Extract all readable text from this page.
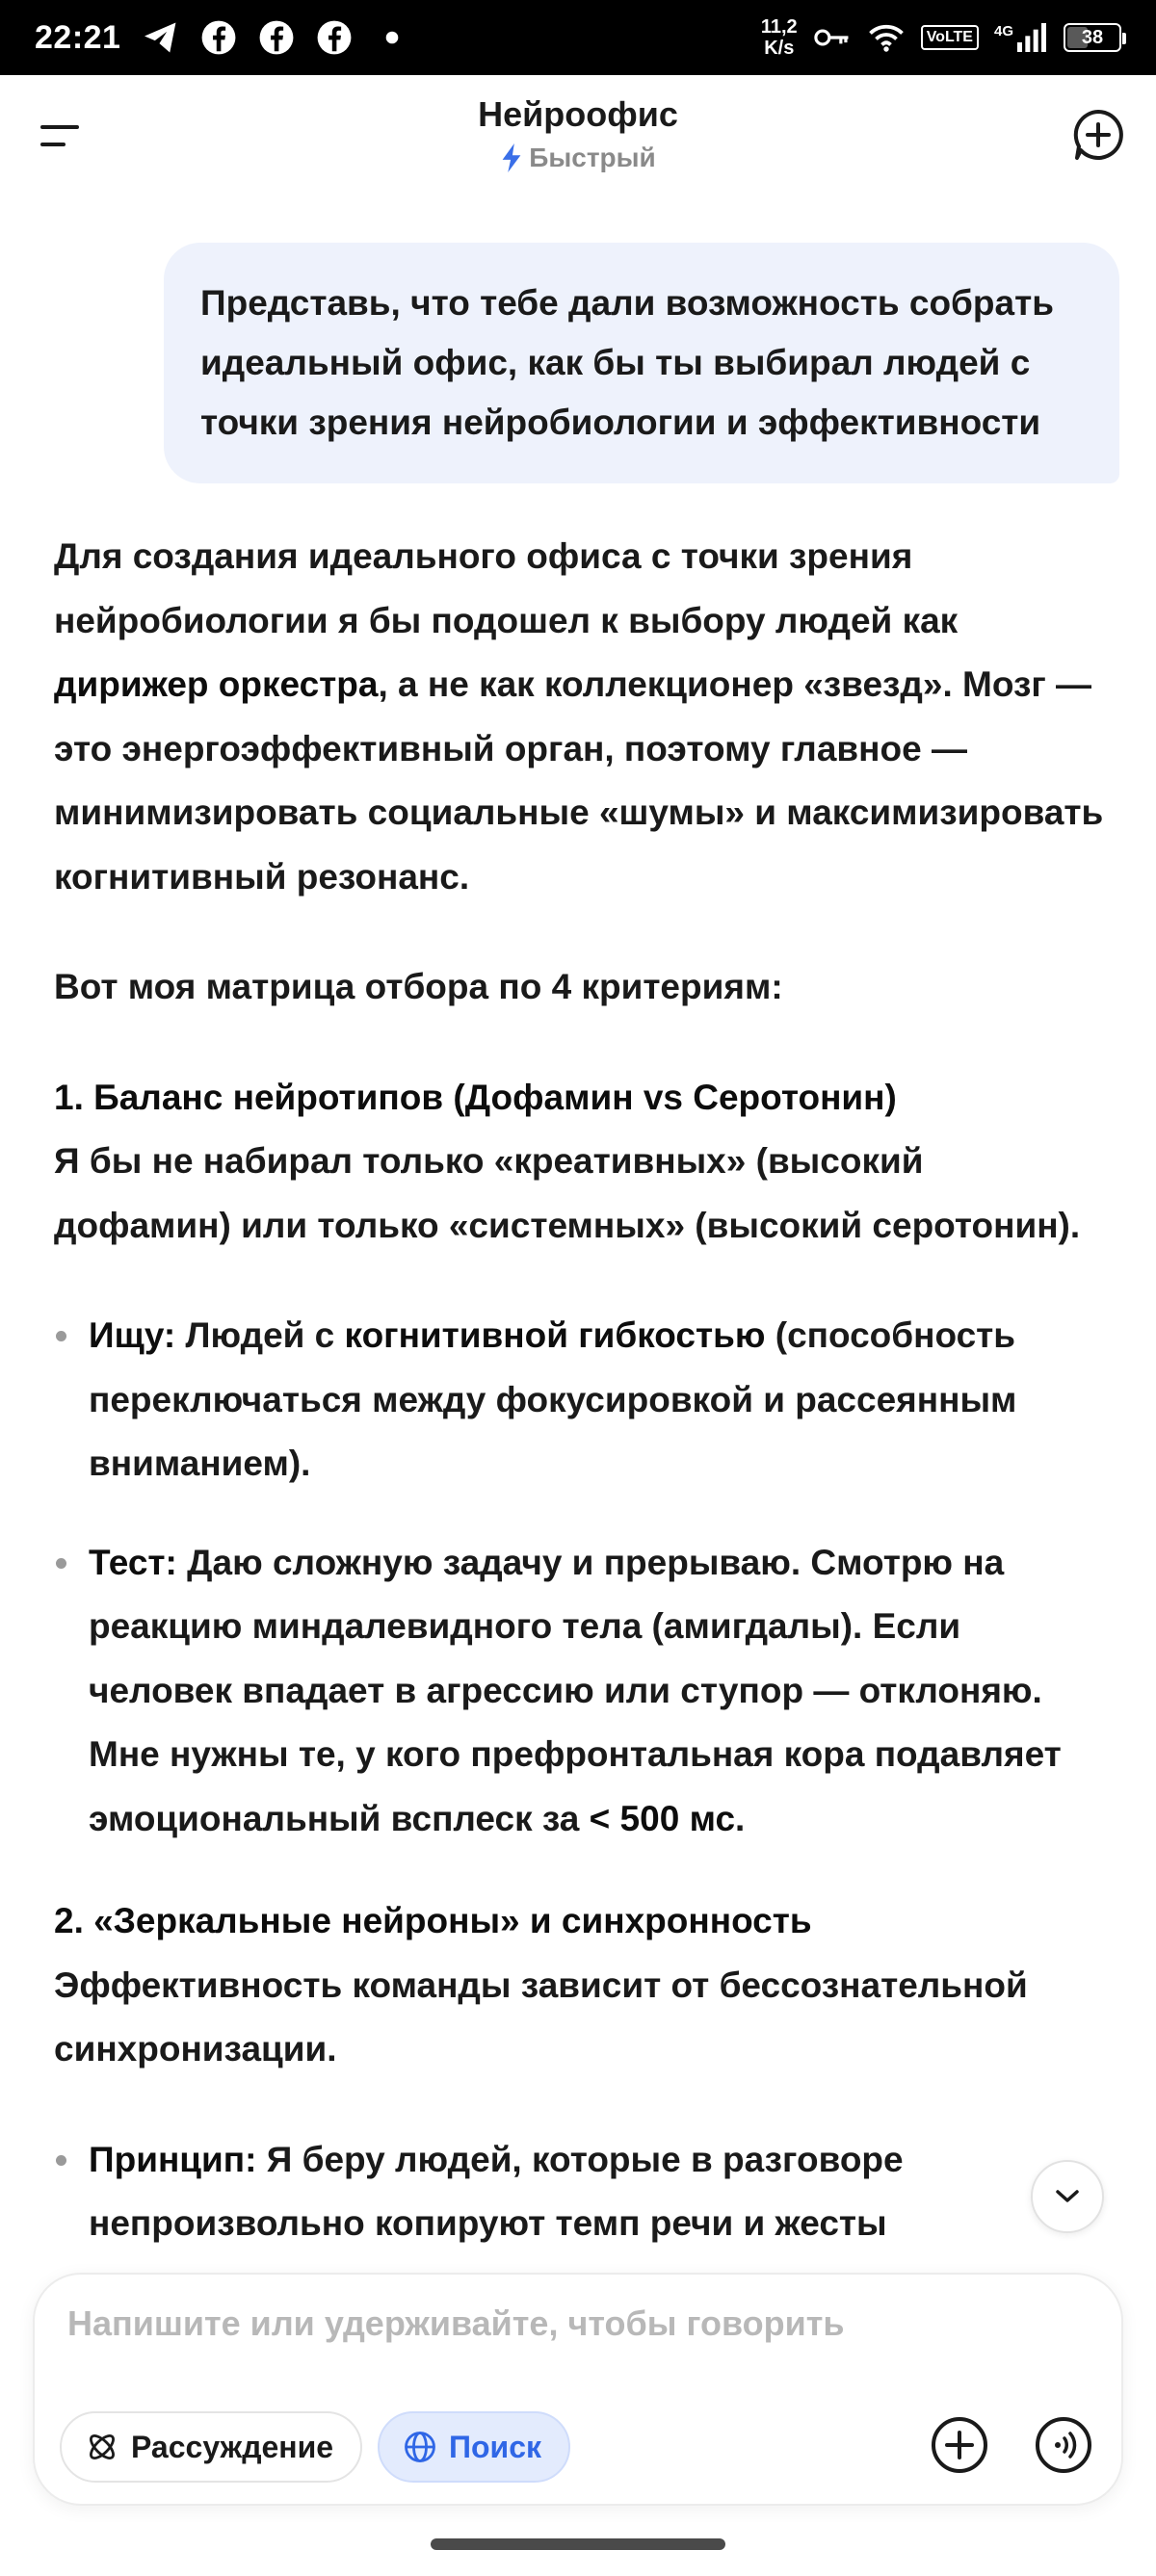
22:21	11,2
K/s
VoLTE	4G	38
Нейроофис
Быстрый
Представь, что тебе дали возможность собрать идеальный офис, как бы ты выбирал людей с точки зрения нейробиологии и эффективности

Для создания идеального офиса с точки зрения нейробиологии я бы подошел к выбору людей как дирижер оркестра, а не как коллекционер «звезд». Мозг — это энергоэффективный орган, поэтому главное — минимизировать социальные «шумы» и максимизировать когнитивный резонанс.

Вот моя матрица отбора по 4 критериям:

1. Баланс нейротипов (Дофамин vs Серотонин)
Я бы не набирал только «креативных» (высокий дофамин) или только «системных» (высокий серотонин).
Ищу: Людей с когнитивной гибкостью (способность переключаться между фокусировкой и рассеянным вниманием).
Тест: Даю сложную задачу и прерываю. Смотрю на реакцию миндалевидного тела (амигдалы). Если человек впадает в агрессию или ступор — отклоняю. Мне нужны те, у кого префронтальная кора подавляет эмоциональный всплеск за < 500 мс.
2. «Зеркальные нейроны» и синхронность
Эффективность команды зависит от бессознательной синхронизации.
Принцип: Я беру людей, которые в разговоре непроизвольно копируют темп речи и жесты
Напишите или удерживайте, чтобы говорить
Рассуждение	Поиск
